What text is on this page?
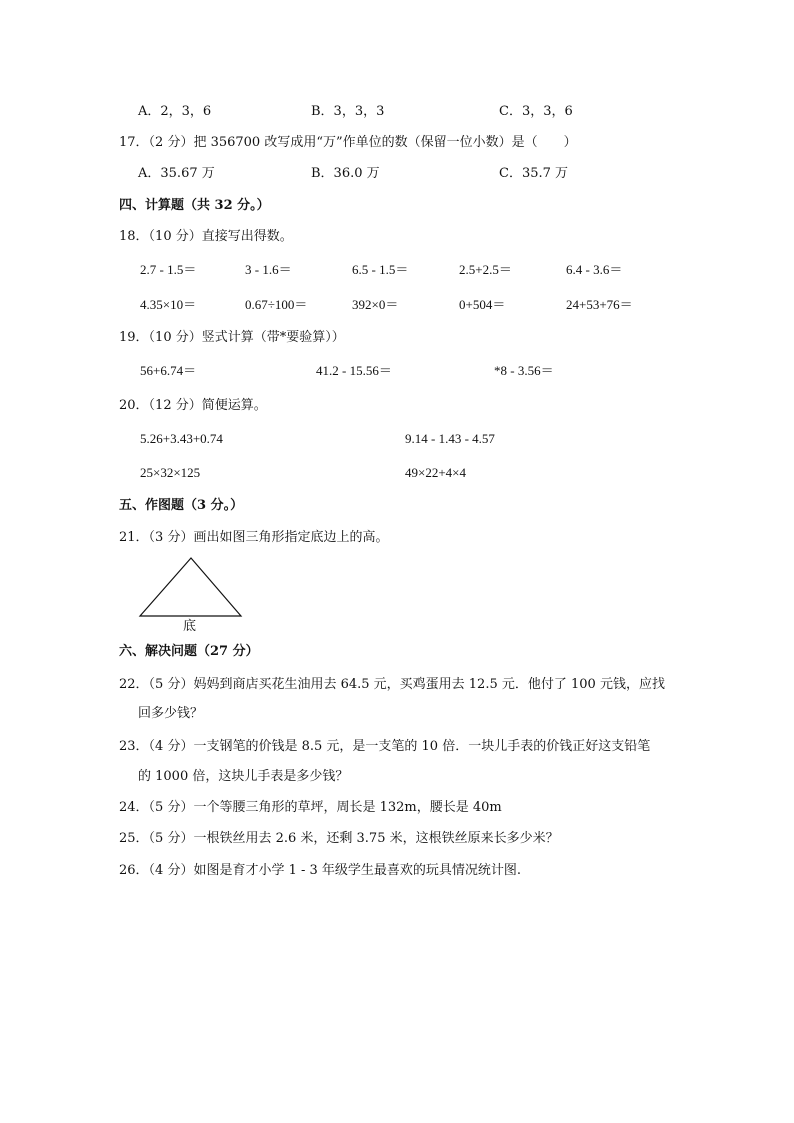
A．2，3，6	B．3，3，3	C．3，3，6
17．（2 分）把 356700 改写成用“万”作单位的数（保留一位小数）是（　　）
A．35.67 万	B．36.0 万	C．35.7 万
四、计算题（共 32 分。）
18．（10 分）直接写出得数。
2.7 - 1.5＝	3 - 1.6＝	6.5 - 1.5＝	2.5+2.5＝	6.4 - 3.6＝
4.35×10＝	0.67÷100＝	392×0＝	0+504＝	24+53+76＝
19．（10 分）竖式计算（带*要验算））
56+6.74＝	41.2 - 15.56＝	*8 - 3.56＝
20．（12 分）简便运算。
5.26+3.43+0.74	9.14 - 1.43 - 4.57
25×32×125	49×22+4×4
五、作图题（3 分。）
21．（3 分）画出如图三角形指定底边上的高。
底
六、解决问题（27 分）
22．（5 分）妈妈到商店买花生油用去 64.5 元，买鸡蛋用去 12.5 元．他付了 100 元钱，应找
回多少钱？
23．（4 分）一支钢笔的价钱是 8.5 元，是一支笔的 10 倍．一块儿手表的价钱正好这支铅笔
的 1000 倍，这块儿手表是多少钱？
24．（5 分）一个等腰三角形的草坪，周长是 132m，腰长是 40m
25．（5 分）一根铁丝用去 2.6 米，还剩 3.75 米，这根铁丝原来长多少米？
26．（4 分）如图是育才小学 1 - 3 年级学生最喜欢的玩具情况统计图.
